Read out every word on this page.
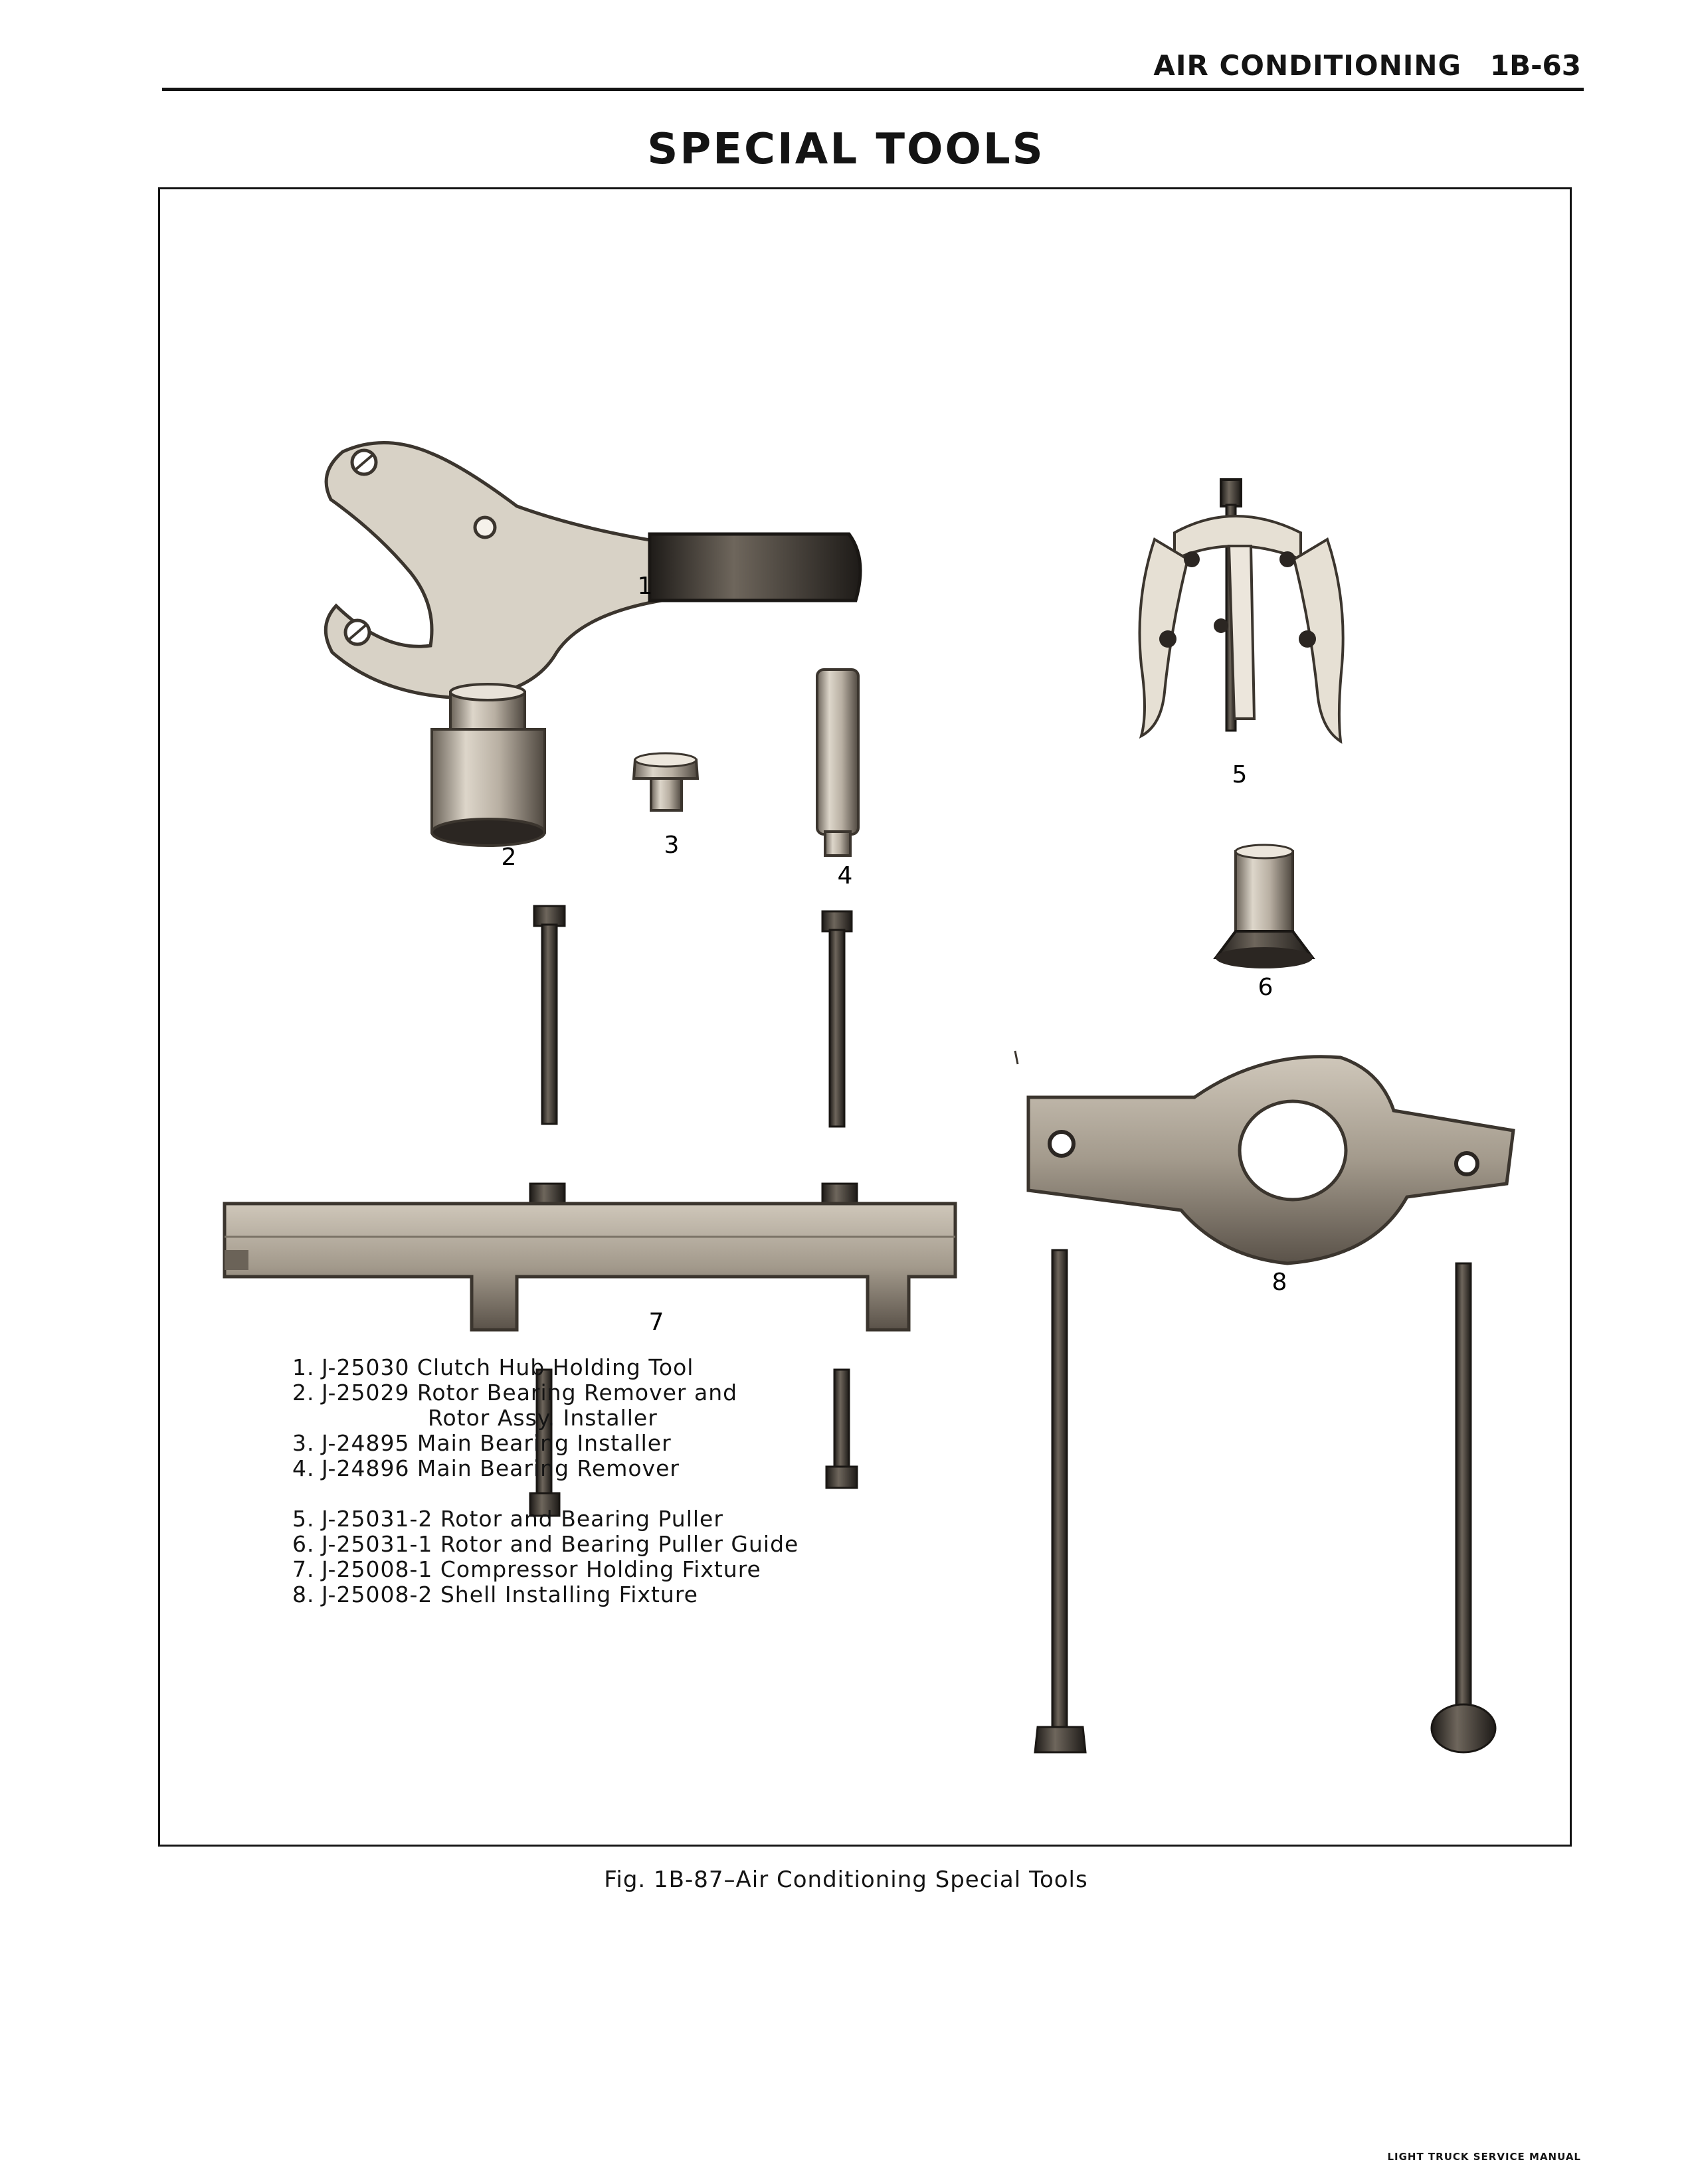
AIR CONDITIONING	1B-63
SPECIAL TOOLS
1
2	3
4
5
6
7
8
1. J-25030 Clutch Hub Holding Tool
2. J-25029 Rotor Bearing Remover and
Rotor Assy. Installer
3. J-24895 Main Bearing Installer
4. J-24896 Main Bearing Remover
5. J-25031-2 Rotor and Bearing Puller
6. J-25031-1 Rotor and Bearing Puller Guide
7. J-25008-1 Compressor Holding Fixture
8. J-25008-2 Shell Installing Fixture
Fig. 1B-87–Air Conditioning Special Tools
LIGHT TRUCK SERVICE MANUAL
